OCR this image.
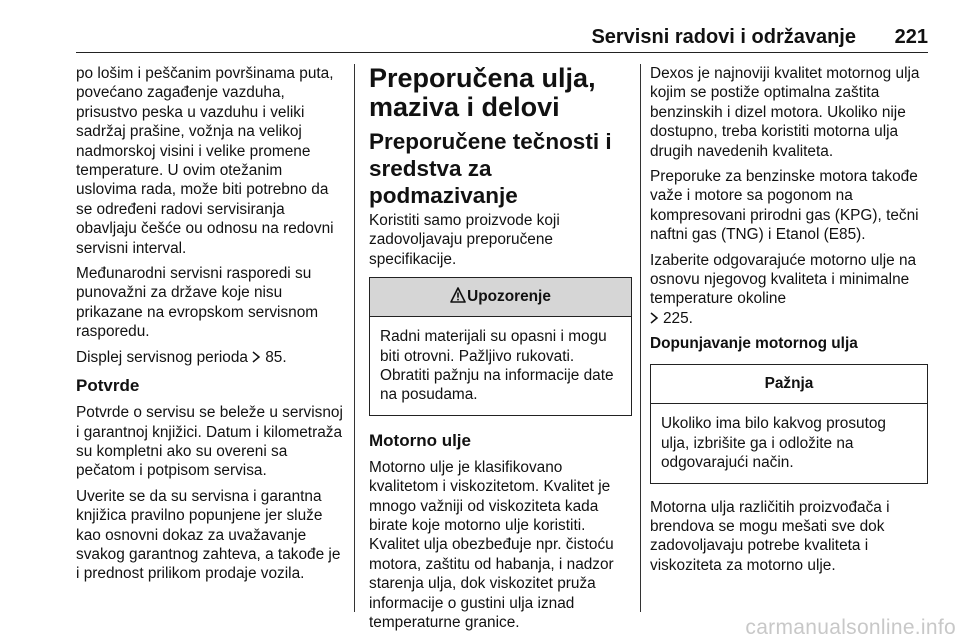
Servisni radovi i održavanje 221

po lošim i peščanim površinama puta, povećano zagađenje vazduha, prisustvo peska u vazduhu i veliki sadržaj prašine, vožnja na velikoj nadmorskoj visini i velike promene temperature. U ovim otežanim uslovima rada, može biti potrebno da se određeni radovi servisiranja obavljaju češće ou odnosu na redovni servisni interval.

Međunarodni servisni rasporedi su punovažni za države koje nisu prikazane na evropskom servisnom rasporedu.

Displej servisnog perioda 85.

Potvrde

Potvrde o servisu se beleže u servisnoj i garantnoj knjižici. Datum i kilometraža su kompletni ako su overeni sa pečatom i potpisom servisa.

Uverite se da su servisna i garantna knjižica pravilno popunjene jer služe kao osnovni dokaz za uvažavanje svakog garantnog zahteva, a takođe je i prednost prilikom prodaje vozila.

Preporučena ulja, maziva i delovi
Preporučene tečnosti i sredstva za podmazivanje

Koristiti samo proizvode koji zadovoljavaju preporučene specifikacije.

Upozorenje
Radni materijali su opasni i mogu biti otrovni. Pažljivo rukovati. Obratiti pažnju na informacije date na posudama.
Motorno ulje

Motorno ulje je klasifikovano kvalitetom i viskozitetom. Kvalitet je mnogo važniji od viskoziteta kada birate koje motorno ulje koristiti. Kvalitet ulja obezbeđuje npr. čistoću motora, zaštitu od habanja, i nadzor starenja ulja, dok viskozitet pruža informacije o gustini ulja iznad temperaturne granice.

Dexos je najnoviji kvalitet motornog ulja kojim se postiže optimalna zaštita benzinskih i dizel motora. Ukoliko nije dostupno, treba koristiti motorna ulja drugih navedenih kvaliteta.

Preporuke za benzinske motora takođe važe i motore sa pogonom na kompresovani prirodni gas (KPG), tečni naftni gas (TNG) i Etanol (E85).

Izaberite odgovarajuće motorno ulje na osnovu njegovog kvaliteta i minimalne temperature okoline
225.

Dopunjavanje motornog ulja
Pažnja
Ukoliko ima bilo kakvog prosutog ulja, izbrišite ga i odložite na odgovarajući način.

Motorna ulja različitih proizvođača i brendova se mogu mešati sve dok zadovoljavaju potrebe kvaliteta i viskoziteta za motorno ulje.

carmanualsonline.info
